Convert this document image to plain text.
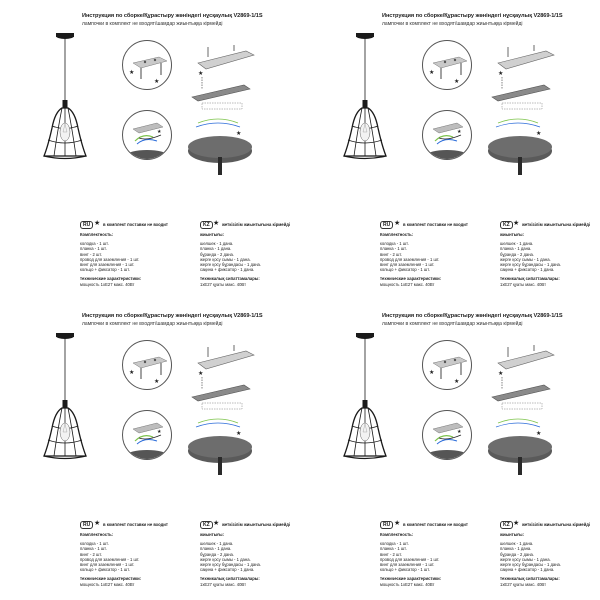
Инструкция по сборке/Құрастыру жөніндегі нұсқаулық V2869-1/1S
лампочки в комплект не входят/шамдар жиынтыққа кірмейді
★
★
★
★
★
RU ★ в комплект поставки не входит	KZ ★ жеткізілім жиынтығына кірмейді
Комплектность:
колодка - 1 шт.
планка - 1 шт.
винт - 2 шт.
провод для заземления - 1 шт.
винт для заземления - 1 шт.
кольцо + фиксатор - 1 шт.
технические характеристики:
мощность 1хЕ27 макс. 40Вт
жиынтығы:
шелшек - 1 дана.
планка - 1 дана.
бұранда - 2 дана.
жерге қосу сымы - 1 дана.
жерге қосу бұрандасы - 1 дана.
сақина + фиксатор - 1 дана.
техникалық сипаттамалары:
1хЕ27 қуаты макс. 40Вт
Инструкция по сборке/Құрастыру жөніндегі нұсқаулық V2869-1/1S
лампочки в комплект не входят/шамдар жиынтыққа кірмейді
★
★
★
★
★
RU ★ в комплект поставки не входит	KZ ★ жеткізілім жиынтығына кірмейді
Комплектность:
колодка - 1 шт.
планка - 1 шт.
винт - 2 шт.
провод для заземления - 1 шт.
винт для заземления - 1 шт.
кольцо + фиксатор - 1 шт.
технические характеристики:
мощность 1хЕ27 макс. 40Вт
жиынтығы:
шелшек - 1 дана.
планка - 1 дана.
бұранда - 2 дана.
жерге қосу сымы - 1 дана.
жерге қосу бұрандасы - 1 дана.
сақина + фиксатор - 1 дана.
техникалық сипаттамалары:
1хЕ27 қуаты макс. 40Вт
Инструкция по сборке/Құрастыру жөніндегі нұсқаулық V2869-1/1S
лампочки в комплект не входят/шамдар жиынтыққа кірмейді
★
★
★
★
★
RU ★ в комплект поставки не входит	KZ ★ жеткізілім жиынтығына кірмейді
Комплектность:
колодка - 1 шт.
планка - 1 шт.
винт - 2 шт.
провод для заземления - 1 шт.
винт для заземления - 1 шт.
кольцо + фиксатор - 1 шт.
технические характеристики:
мощность 1хЕ27 макс. 40Вт
жиынтығы:
шелшек - 1 дана.
планка - 1 дана.
бұранда - 2 дана.
жерге қосу сымы - 1 дана.
жерге қосу бұрандасы - 1 дана.
сақина + фиксатор - 1 дана.
техникалық сипаттамалары:
1хЕ27 қуаты макс. 40Вт
Инструкция по сборке/Құрастыру жөніндегі нұсқаулық V2869-1/1S
лампочки в комплект не входят/шамдар жиынтыққа кірмейді
★
★
★
★
★
RU ★ в комплект поставки не входит	KZ ★ жеткізілім жиынтығына кірмейді
Комплектность:
колодка - 1 шт.
планка - 1 шт.
винт - 2 шт.
провод для заземления - 1 шт.
винт для заземления - 1 шт.
кольцо + фиксатор - 1 шт.
технические характеристики:
мощность 1хЕ27 макс. 40Вт
жиынтығы:
шелшек - 1 дана.
планка - 1 дана.
бұранда - 2 дана.
жерге қосу сымы - 1 дана.
жерге қосу бұрандасы - 1 дана.
сақина + фиксатор - 1 дана.
техникалық сипаттамалары:
1хЕ27 қуаты макс. 40Вт
